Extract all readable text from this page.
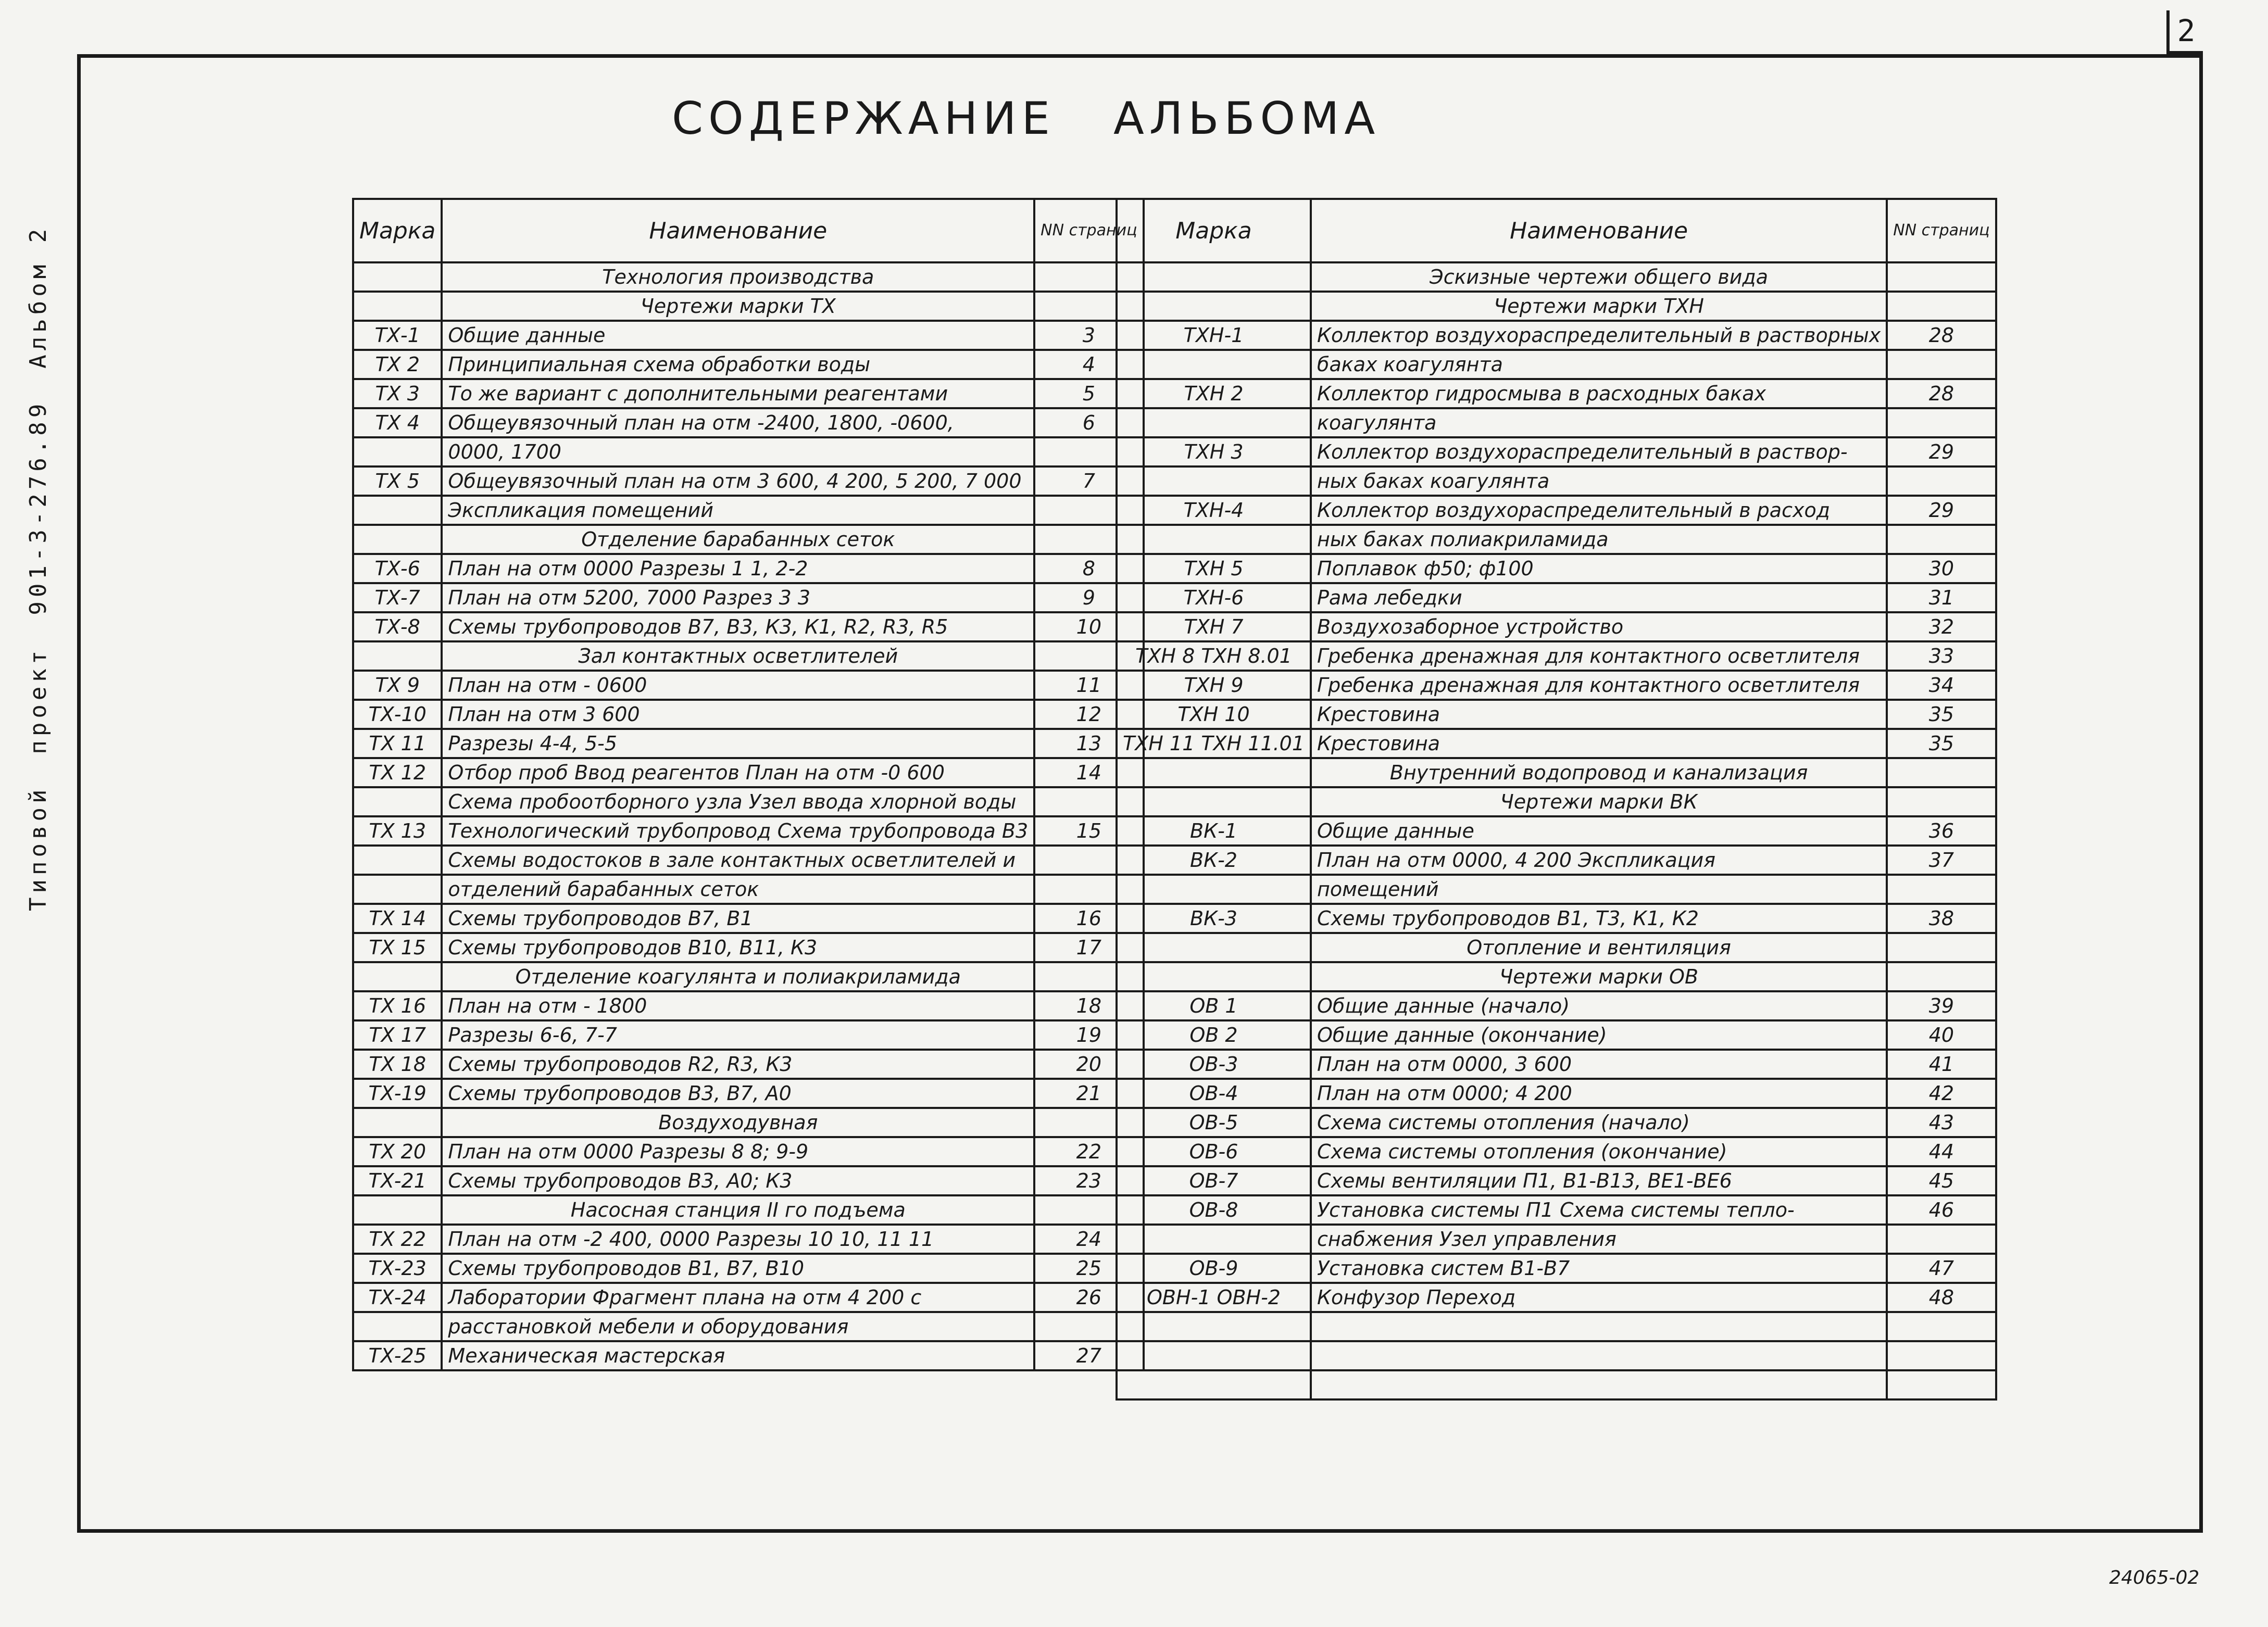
2
Типовой
проект
901-3-276.89
Альбом 2
СОДЕРЖАНИЕ   АЛЬБОМА
Марка	Наименование	NN страниц
	Технология производства	
	Чертежи марки ТХ	
ТХ-1	Общие данные	3
ТХ 2	Принципиальная схема обработки воды	4
ТХ 3	То же вариант с дополнительными реагентами	5
ТХ 4	Общеувязочный план на отм -2400, 1800, -0600,	6
	0000, 1700	
ТХ 5	Общеувязочный план на отм 3 600, 4 200, 5 200, 7 000	7
	Экспликация помещений	
	Отделение барабанных сеток	
ТХ-6	План на отм 0000 Разрезы 1 1, 2-2	8
ТХ-7	План на отм 5200, 7000 Разрез 3 3	9
ТХ-8	Схемы трубопроводов В7, В3, К3, К1, R2, R3, R5	10
	Зал контактных осветлителей	
ТХ 9	План на отм - 0600	11
ТХ-10	План на отм 3 600	12
ТХ 11	Разрезы 4-4, 5-5	13
ТХ 12	Отбор проб Ввод реагентов План на отм -0 600	14
	Схема пробоотборного узла Узел ввода хлорной воды	
ТХ 13	Технологический трубопровод Схема трубопровода В3	15
	Схемы водостоков в зале контактных осветлителей и	
	отделений барабанных сеток	
ТХ 14	Схемы трубопроводов В7, В1	16
ТХ 15	Схемы трубопроводов В10, В11, К3	17
	Отделение коагулянта и полиакриламида	
ТХ 16	План на отм - 1800	18
ТХ 17	Разрезы 6-6, 7-7	19
ТХ 18	Схемы трубопроводов R2, R3, К3	20
ТХ-19	Схемы трубопроводов В3, В7, А0	21
	Воздуходувная	
ТХ 20	План на отм 0000 Разрезы 8 8; 9-9	22
ТХ-21	Схемы трубопроводов В3, А0; К3	23
	Насосная станция II го подъема	
ТХ 22	План на отм -2 400, 0000 Разрезы 10 10, 11 11	24
ТХ-23	Схемы трубопроводов В1, В7, В10	25
ТХ-24	Лаборатории Фрагмент плана на отм 4 200 с	26
	расстановкой мебели и оборудования	
ТХ-25	Механическая мастерская	27
Марка	Наименование	NN страниц
	Эскизные чертежи общего вида	
	Чертежи марки ТХН	
ТХН-1	Коллектор воздухораспределительный в растворных	28
	баках коагулянта	
ТХН 2	Коллектор гидросмыва в расходных баках	28
	коагулянта	
ТХН 3	Коллектор воздухораспределительный в раствор-	29
	ных баках коагулянта	
ТХН-4	Коллектор воздухораспределительный в расход	29
	ных баках полиакриламида	
ТХН 5	Поплавок ф50; ф100	30
ТХН-6	Рама лебедки	31
ТХН 7	Воздухозаборное устройство	32
ТХН 8 ТХН 8.01	Гребенка дренажная для контактного осветлителя	33
ТХН 9	Гребенка дренажная для контактного осветлителя	34
ТХН 10	Крестовина	35
ТХН 11 ТХН 11.01	Крестовина	35
	Внутренний водопровод и канализация	
	Чертежи марки ВК	
ВК-1	Общие данные	36
ВК-2	План на отм 0000, 4 200 Экспликация	37
	помещений	
ВК-3	Схемы трубопроводов В1, Т3, К1, К2	38
	Отопление и вентиляция	
	Чертежи марки ОВ	
ОВ 1	Общие данные (начало)	39
ОВ 2	Общие данные (окончание)	40
ОВ-3	План на отм 0000, 3 600	41
ОВ-4	План на отм 0000; 4 200	42
ОВ-5	Схема системы отопления (начало)	43
ОВ-6	Схема системы отопления (окончание)	44
ОВ-7	Схемы вентиляции П1, В1-В13, ВЕ1-ВЕ6	45
ОВ-8	Установка системы П1 Схема системы тепло-	46
	снабжения Узел управления	
ОВ-9	Установка систем В1-В7	47
ОВН-1 ОВН-2	Конфузор Переход	48

24065-02
